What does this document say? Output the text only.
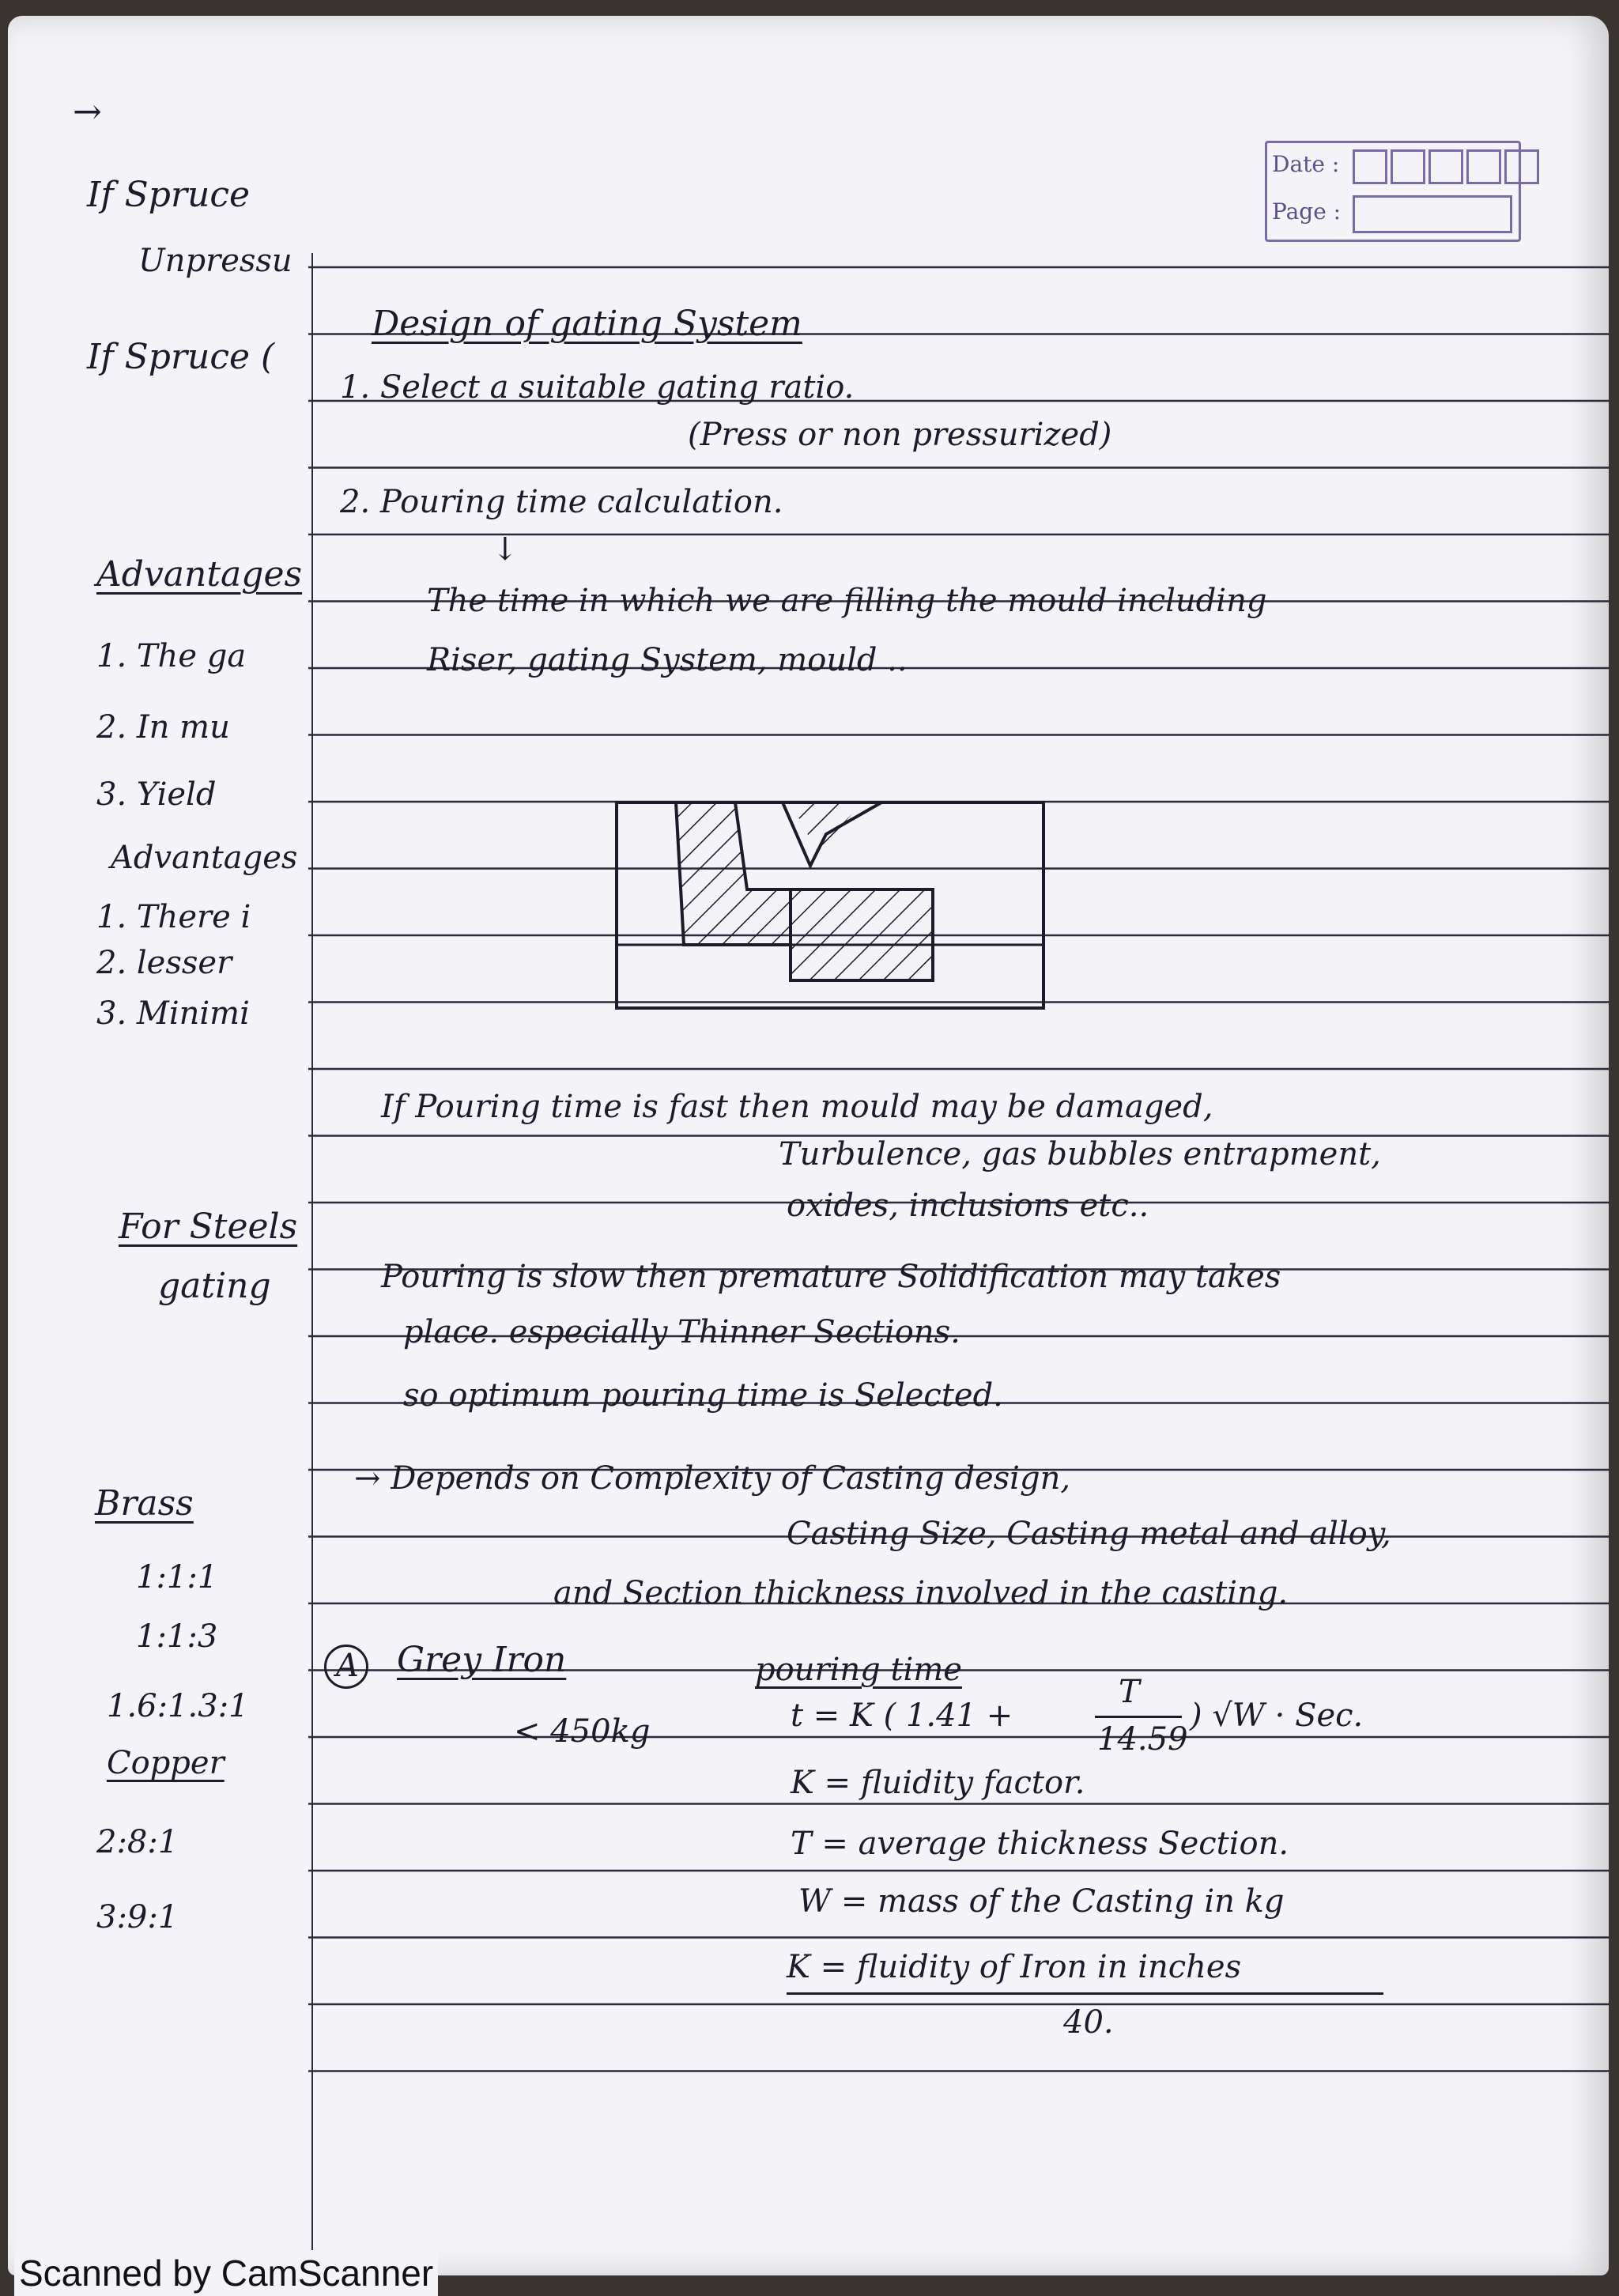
Date :
Page :
→
If Spruce
Unpressu
If Spruce (
Advantages
1. The ga
2. In mu
3. Yield
Advantages
1. There i
2. lesser
3. Minimi
For Steels
gating
Brass
1:1:1
1:1:3
1.6:1.3:1
Copper
2:8:1
3:9:1
Design of gating System
1. Select a suitable gating ratio.
(Press or non pressurized)
2. Pouring time calculation.
↓
The time in which we are filling the mould including
Riser, gating System, mould ..
If Pouring time is fast then mould may be damaged,
Turbulence, gas bubbles entrapment,
oxides, inclusions etc..
Pouring is slow then premature Solidification may takes
place. especially Thinner Sections.
so optimum pouring time is Selected.
→ Depends on Complexity of Casting design,
Casting Size, Casting metal and alloy,
and Section thickness involved in the casting.
A Grey Iron
< 450kg
pouring time
t = K ( 1.41 +
T
14.59
) √W · Sec.
K = fluidity factor.
T = average thickness Section.
W = mass of the Casting in kg
K = fluidity of Iron in inches
40.
Scanned by CamScanner
